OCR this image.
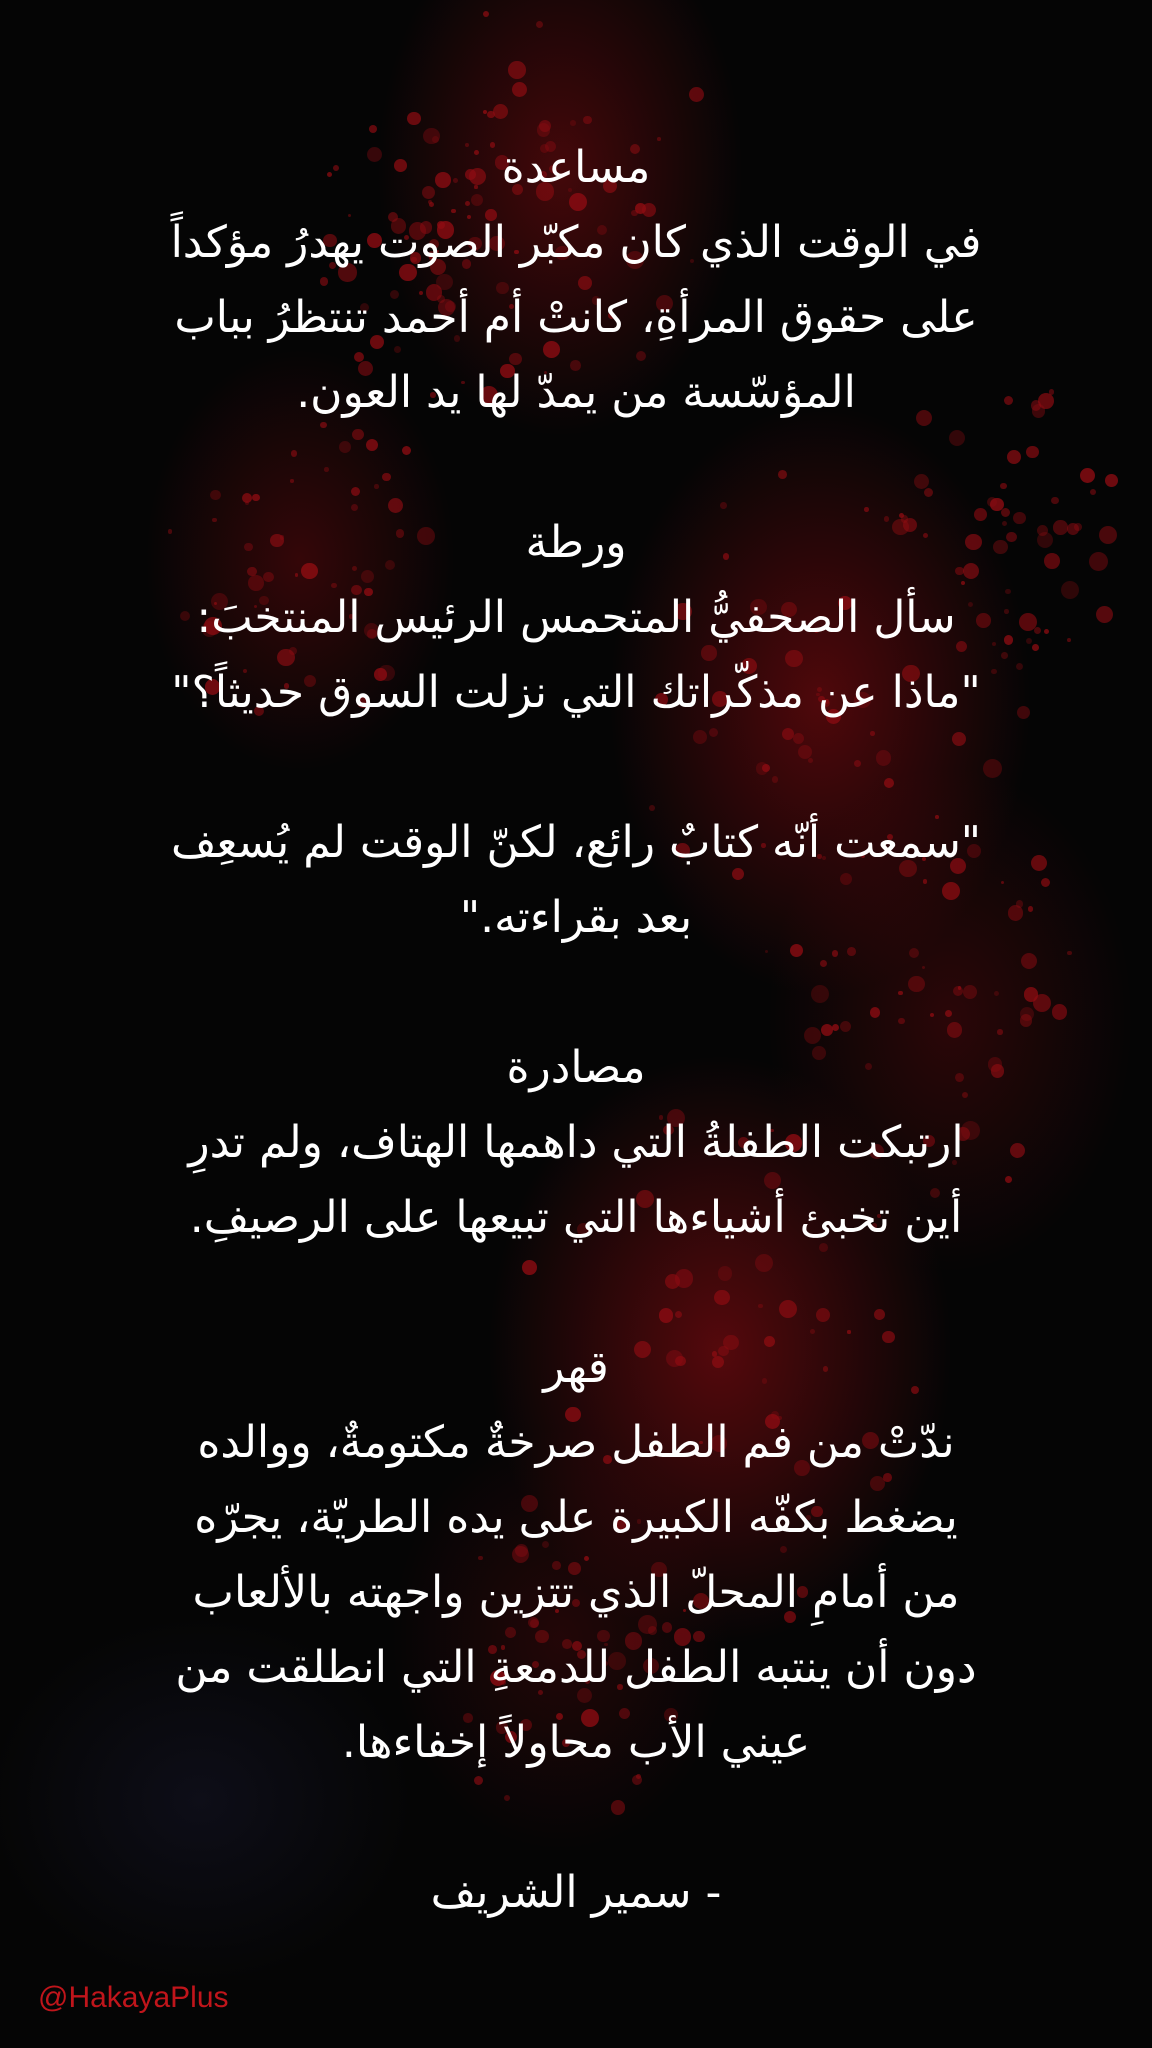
مساعدة
في الوقت الذي كان مكبّر الصوت يهدرُ مؤكداً
على حقوق المرأةِ، كانتْ أم أحمد تنتظرُ بباب
المؤسّسة من يمدّ لها يد العون.
ورطة
سأل الصحفيُّ المتحمس الرئيس المنتخبَ:
"ماذا عن مذكّراتك التي نزلت السوق حديثاً؟"

"سمعت أنّه كتابٌ رائع، لكنّ الوقت لم يُسعِف
بعد بقراءته."
مصادرة
ارتبكت الطفلةُ التي داهمها الهتاف، ولم تدرِ
أين تخبئ أشياءها التي تبيعها على الرصيفِ.
قهر
ندّتْ من فم الطفل صرخةٌ مكتومةٌ، ووالده
يضغط بكفّه الكبيرة على يده الطريّة، يجرّه
من أمامِ المحلّ الذي تتزين واجهته بالألعاب
دون أن ينتبه الطفل للدمعةِ التي انطلقت من
عيني الأب محاولاً إخفاءها.
- سمير الشريف
@HakayaPlus
